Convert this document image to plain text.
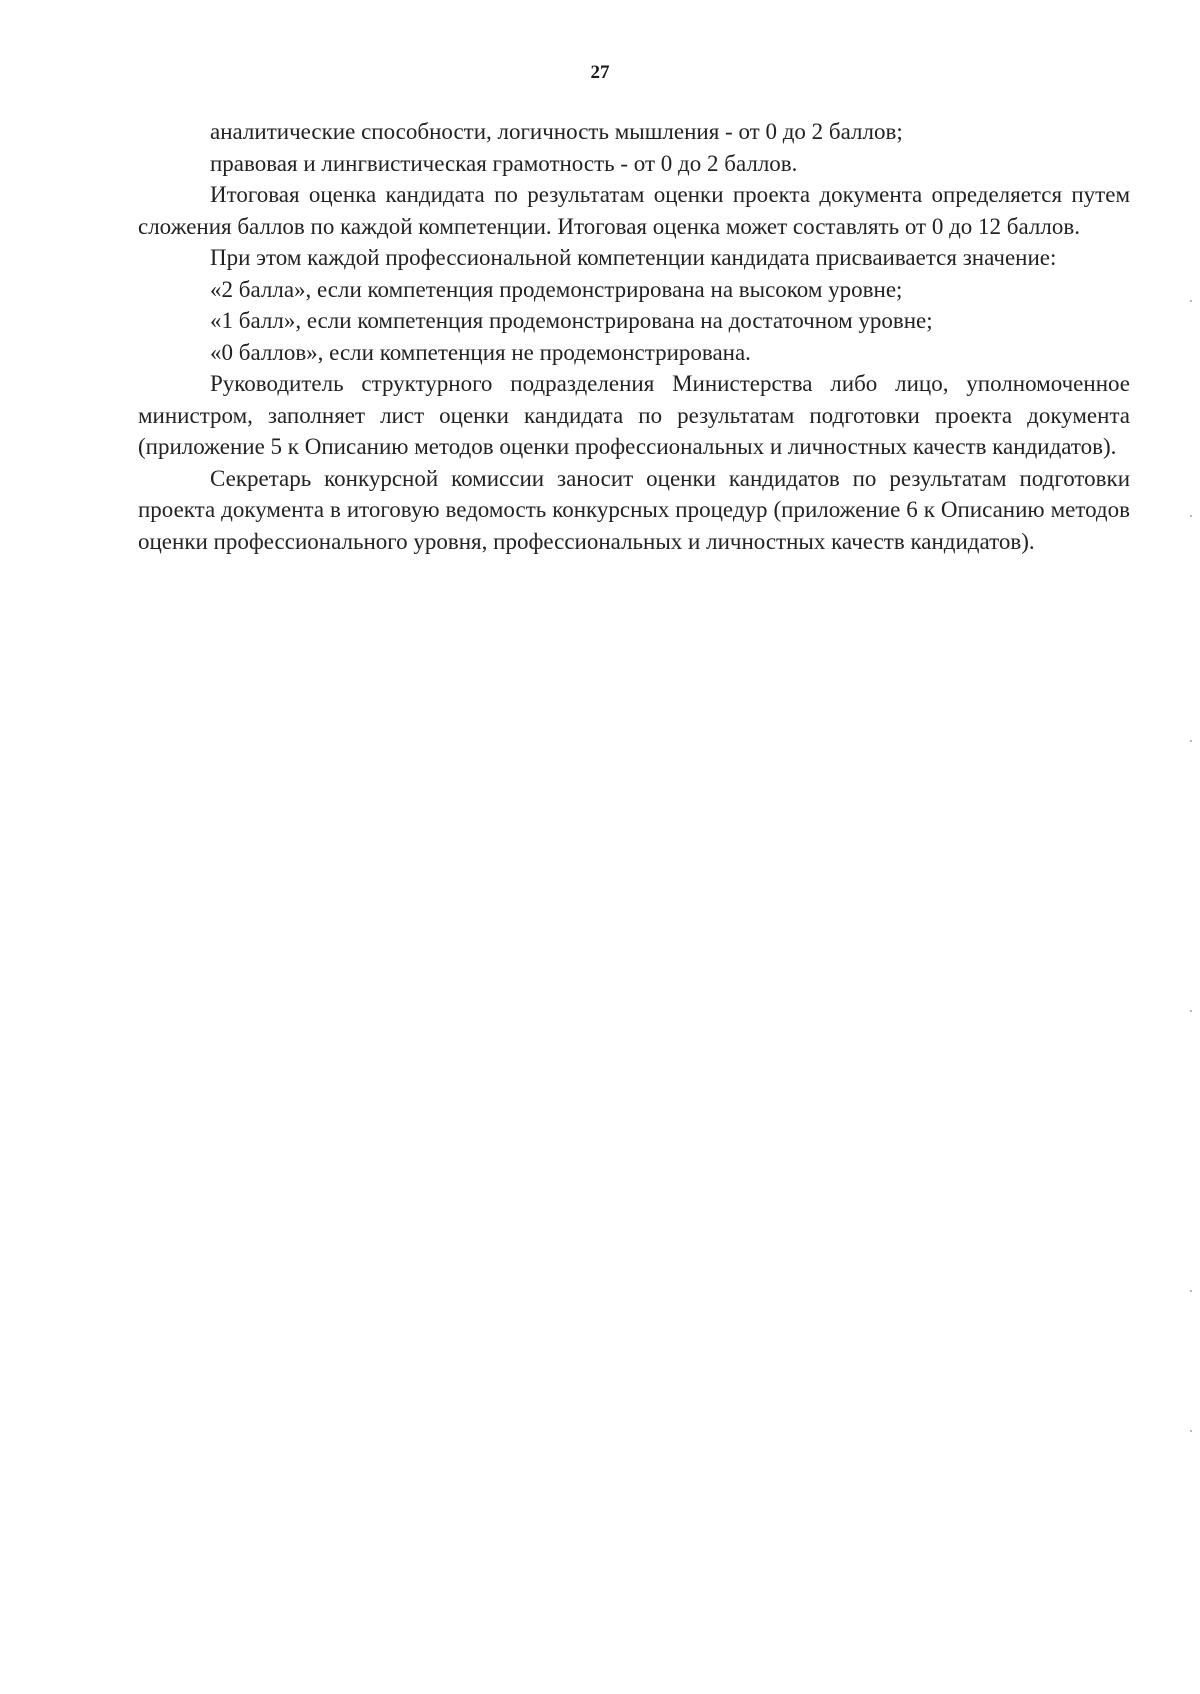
27

аналитические способности, логичность мышления - от 0 до 2 баллов;

правовая и лингвистическая грамотность - от 0 до 2 баллов.

Итоговая оценка кандидата по результатам оценки проекта документа определяется путем сложения баллов по каждой компетенции. Итоговая оценка может составлять от 0 до 12 баллов.

При этом каждой профессиональной компетенции кандидата присваивается значение:

«2 балла», если компетенция продемонстрирована на высоком уровне;

«1 балл», если компетенция продемонстрирована на достаточном уровне;

«0 баллов», если компетенция не продемонстрирована.

Руководитель структурного подразделения Министерства либо лицо, уполномоченное министром, заполняет лист оценки кандидата по результатам подготовки проекта документа (приложение 5 к Описанию методов оценки профессиональных и личностных качеств кандидатов).

Секретарь конкурсной комиссии заносит оценки кандидатов по результатам подготовки проекта документа в итоговую ведомость конкурсных процедур (приложение 6 к Описанию методов оценки профессионального уровня, профессиональных и личностных качеств кандидатов).
